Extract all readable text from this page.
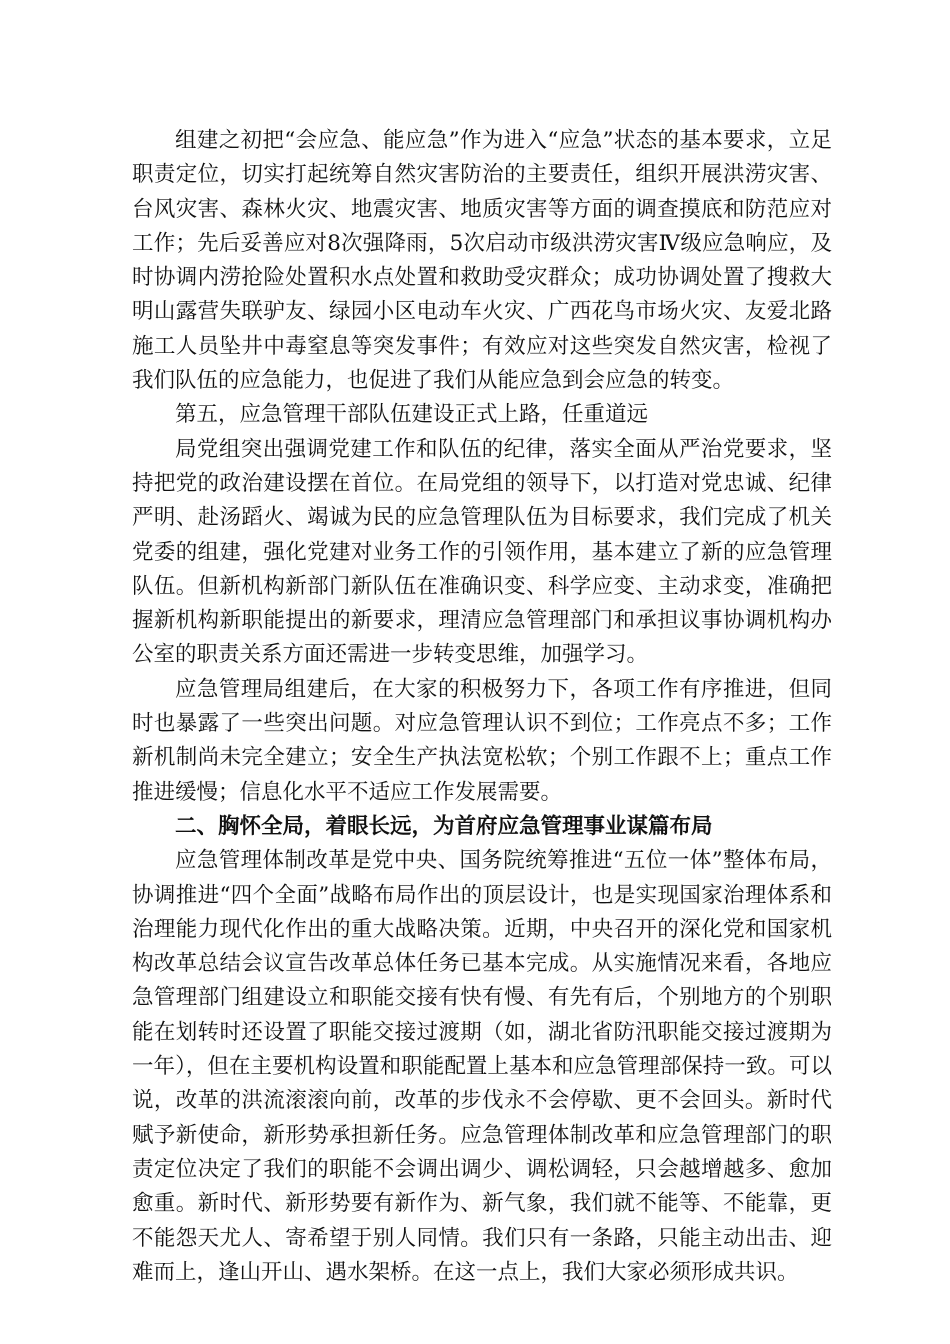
组建之初把“会应急、能应急”作为进入“应急”状态的基本要求，立足职责定位，切实打起统筹自然灾害防治的主要责任，组织开展洪涝灾害、台风灾害、森林火灾、地震灾害、地质灾害等方面的调查摸底和防范应对工作；先后妥善应对8次强降雨，5次启动市级洪涝灾害Ⅳ级应急响应，及时协调内涝抢险处置积水点处置和救助受灾群众；成功协调处置了搜救大明山露营失联驴友、绿园小区电动车火灾、广西花鸟市场火灾、友爱北路施工人员坠井中毒窒息等突发事件；有效应对这些突发自然灾害，检视了我们队伍的应急能力，也促进了我们从能应急到会应急的转变。

第五，应急管理干部队伍建设正式上路，任重道远

局党组突出强调党建工作和队伍的纪律，落实全面从严治党要求，坚持把党的政治建设摆在首位。在局党组的领导下，以打造对党忠诚、纪律严明、赴汤蹈火、竭诚为民的应急管理队伍为目标要求，我们完成了机关党委的组建，强化党建对业务工作的引领作用，基本建立了新的应急管理队伍。但新机构新部门新队伍在准确识变、科学应变、主动求变，准确把握新机构新职能提出的新要求，理清应急管理部门和承担议事协调机构办公室的职责关系方面还需进一步转变思维，加强学习。

应急管理局组建后，在大家的积极努力下，各项工作有序推进，但同时也暴露了一些突出问题。对应急管理认识不到位；工作亮点不多；工作新机制尚未完全建立；安全生产执法宽松软；个别工作跟不上；重点工作推进缓慢；信息化水平不适应工作发展需要。

二、胸怀全局，着眼长远，为首府应急管理事业谋篇布局

应急管理体制改革是党中央、国务院统筹推进“五位一体”整体布局，协调推进“四个全面”战略布局作出的顶层设计，也是实现国家治理体系和治理能力现代化作出的重大战略决策。近期，中央召开的深化党和国家机构改革总结会议宣告改革总体任务已基本完成。从实施情况来看，各地应急管理部门组建设立和职能交接有快有慢、有先有后，个别地方的个别职能在划转时还设置了职能交接过渡期（如，湖北省防汛职能交接过渡期为一年），但在主要机构设置和职能配置上基本和应急管理部保持一致。可以说，改革的洪流滚滚向前，改革的步伐永不会停歇、更不会回头。新时代赋予新使命，新形势承担新任务。应急管理体制改革和应急管理部门的职责定位决定了我们的职能不会调出调少、调松调轻，只会越增越多、愈加愈重。新时代、新形势要有新作为、新气象，我们就不能等、不能靠，更不能怨天尤人、寄希望于别人同情。我们只有一条路，只能主动出击、迎难而上，逢山开山、遇水架桥。在这一点上，我们大家必须形成共识。
